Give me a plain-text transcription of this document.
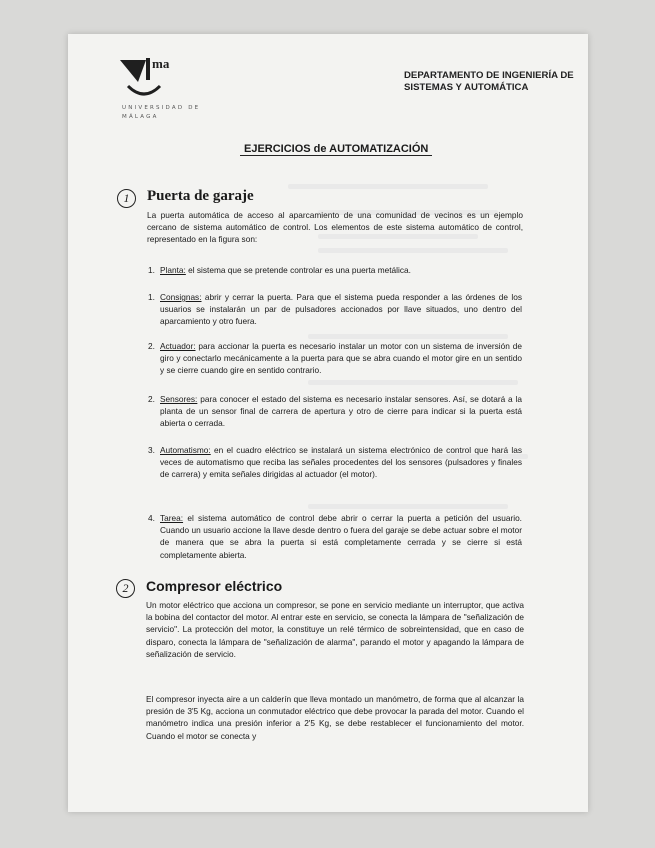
ma
UNIVERSIDAD DE MÁLAGA
DEPARTAMENTO DE INGENIERÍA DE SISTEMAS Y AUTOMÁTICA
EJERCICIOS de AUTOMATIZACIÓN
1	Puerta de garaje

La puerta automática de acceso al aparcamiento de una comunidad de vecinos es un ejemplo cercano de sistema automático de control. Los elementos de este sistema automático de control, representado en la figura son:

1. Planta: el sistema que se pretende controlar es una puerta metálica.

1. Consignas: abrir y cerrar la puerta. Para que el sistema pueda responder a las órdenes de los usuarios se instalarán un par de pulsadores accionados por llave situados, uno dentro del aparcamiento y otro fuera.

2. Actuador: para accionar la puerta es necesario instalar un motor con un sistema de inversión de giro y conectarlo mecánicamente a la puerta para que se abra cuando el motor gire en un sentido y se cierre cuando gire en sentido contrario.

2. Sensores: para conocer el estado del sistema es necesario instalar sensores. Así, se dotará a la planta de un sensor final de carrera de apertura y otro de cierre para indicar si la puerta está abierta o cerrada.

3. Automatismo: en el cuadro eléctrico se instalará un sistema electrónico de control que hará las veces de automatismo que reciba las señales procedentes del los sensores (pulsadores y finales de carrera) y emita señales dirigidas al actuador (el motor).

4. Tarea: el sistema automático de control debe abrir o cerrar la puerta a petición del usuario. Cuando un usuario accione la llave desde dentro o fuera del garaje se debe actuar sobre el motor de manera que se abra la puerta si está completamente cerrada y se cierre si está completamente abierta.

2	Compresor eléctrico

Un motor eléctrico que acciona un compresor, se pone en servicio mediante un interruptor, que activa la bobina del contactor del motor. Al entrar este en servicio, se conecta la lámpara de "señalización de servicio". La protección del motor, la constituye un relé térmico de sobreintensidad, que en caso de disparo, conecta la lámpara de "señalización de alarma", parando el motor y apagando la lámpara de señalización de servicio.

El compresor inyecta aire a un calderín que lleva montado un manómetro, de forma que al alcanzar la presión de 3'5 Kg, acciona un conmutador eléctrico que debe provocar la parada del motor. Cuando el manómetro indica una presión inferior a 2'5 Kg, se debe restablecer el funcionamiento del motor. Cuando el motor se conecta y
